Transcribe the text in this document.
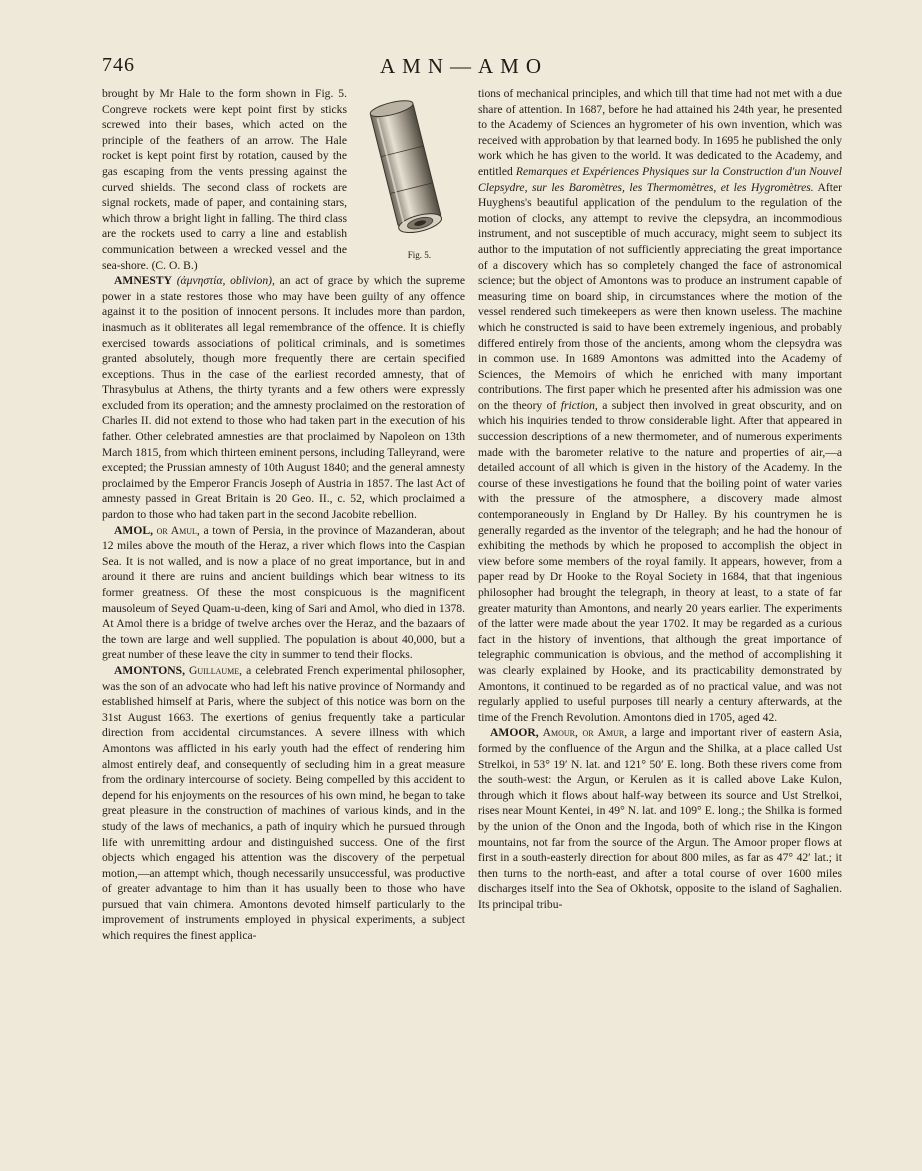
746	AMN—AMO
Fig. 5.

brought by Mr Hale to the form shown in Fig. 5. Congreve rockets were kept point first by sticks screwed into their bases, which acted on the principle of the feathers of an arrow. The Hale rocket is kept point first by rotation, caused by the gas escaping from the vents pressing against the curved shields. The second class of rockets are signal rockets, made of paper, and containing stars, which throw a bright light in falling. The third class are the rockets used to carry a line and establish communication between a wrecked vessel and the sea-shore. (C. O. B.)

AMNESTY (ἀμνηστία, oblivion), an act of grace by which the supreme power in a state restores those who may have been guilty of any offence against it to the position of innocent persons. It includes more than pardon, inasmuch as it obliterates all legal remembrance of the offence. It is chiefly exercised towards associations of political criminals, and is sometimes granted absolutely, though more frequently there are certain specified exceptions. Thus in the case of the earliest recorded amnesty, that of Thrasybulus at Athens, the thirty tyrants and a few others were expressly excluded from its operation; and the amnesty proclaimed on the restoration of Charles II. did not extend to those who had taken part in the execution of his father. Other celebrated amnesties are that proclaimed by Napoleon on 13th March 1815, from which thirteen eminent persons, including Talleyrand, were excepted; the Prussian amnesty of 10th August 1840; and the general amnesty proclaimed by the Emperor Francis Joseph of Austria in 1857. The last Act of amnesty passed in Great Britain is 20 Geo. II., c. 52, which proclaimed a pardon to those who had taken part in the second Jacobite rebellion.

AMOL, or Amul, a town of Persia, in the province of Mazanderan, about 12 miles above the mouth of the Heraz, a river which flows into the Caspian Sea. It is not walled, and is now a place of no great importance, but in and around it there are ruins and ancient buildings which bear witness to its former greatness. Of these the most conspicuous is the magnificent mausoleum of Seyed Quam-u-deen, king of Sari and Amol, who died in 1378. At Amol there is a bridge of twelve arches over the Heraz, and the bazaars of the town are large and well supplied. The population is about 40,000, but a great number of these leave the city in summer to tend their flocks.

AMONTONS, Guillaume, a celebrated French experimental philosopher, was the son of an advocate who had left his native province of Normandy and established himself at Paris, where the subject of this notice was born on the 31st August 1663. The exertions of genius frequently take a particular direction from accidental circumstances. A severe illness with which Amontons was afflicted in his early youth had the effect of rendering him almost entirely deaf, and consequently of secluding him in a great measure from the ordinary intercourse of society. Being compelled by this accident to depend for his enjoyments on the resources of his own mind, he began to take great pleasure in the construction of machines of various kinds, and in the study of the laws of mechanics, a path of inquiry which he pursued through life with unremitting ardour and distinguished success. One of the first objects which engaged his attention was the discovery of the perpetual motion,—an attempt which, though necessarily unsuccessful, was productive of greater advantage to him than it has usually been to those who have pursued that vain chimera. Amontons devoted himself particularly to the improvement of instruments employed in physical experiments, a subject which requires the finest applica-

tions of mechanical principles, and which till that time had not met with a due share of attention. In 1687, before he had attained his 24th year, he presented to the Academy of Sciences an hygrometer of his own invention, which was received with approbation by that learned body. In 1695 he published the only work which he has given to the world. It was dedicated to the Academy, and entitled Remarques et Expériences Physiques sur la Construction d'un Nouvel Clepsydre, sur les Baromètres, les Thermomètres, et les Hygromètres. After Huyghens's beautiful application of the pendulum to the regulation of the motion of clocks, any attempt to revive the clepsydra, an incommodious instrument, and not susceptible of much accuracy, might seem to subject its author to the imputation of not sufficiently appreciating the great importance of a discovery which has so completely changed the face of astronomical science; but the object of Amontons was to produce an instrument capable of measuring time on board ship, in circumstances where the motion of the vessel rendered such timekeepers as were then known useless. The machine which he constructed is said to have been extremely ingenious, and probably differed entirely from those of the ancients, among whom the clepsydra was in common use. In 1689 Amontons was admitted into the Academy of Sciences, the Memoirs of which he enriched with many important contributions. The first paper which he presented after his admission was one on the theory of friction, a subject then involved in great obscurity, and on which his inquiries tended to throw considerable light. After that appeared in succession descriptions of a new thermometer, and of numerous experiments made with the barometer relative to the nature and properties of air,—a detailed account of all which is given in the history of the Academy. In the course of these investigations he found that the boiling point of water varies with the pressure of the atmosphere, a discovery made almost contemporaneously in England by Dr Halley. By his countrymen he is generally regarded as the inventor of the telegraph; and he had the honour of exhibiting the methods by which he proposed to accomplish the object in view before some members of the royal family. It appears, however, from a paper read by Dr Hooke to the Royal Society in 1684, that that ingenious philosopher had brought the telegraph, in theory at least, to a state of far greater maturity than Amontons, and nearly 20 years earlier. The experiments of the latter were made about the year 1702. It may be regarded as a curious fact in the history of inventions, that although the great importance of telegraphic communication is obvious, and the method of accomplishing it was clearly explained by Hooke, and its practicability demonstrated by Amontons, it continued to be regarded as of no practical value, and was not regularly applied to useful purposes till nearly a century afterwards, at the time of the French Revolution. Amontons died in 1705, aged 42.

AMOOR, Amour, or Amur, a large and important river of eastern Asia, formed by the confluence of the Argun and the Shilka, at a place called Ust Strelkoi, in 53° 19′ N. lat. and 121° 50′ E. long. Both these rivers come from the south-west: the Argun, or Kerulen as it is called above Lake Kulon, through which it flows about half-way between its source and Ust Strelkoi, rises near Mount Kentei, in 49° N. lat. and 109° E. long.; the Shilka is formed by the union of the Onon and the Ingoda, both of which rise in the Kingon mountains, not far from the source of the Argun. The Amoor proper flows at first in a south-easterly direction for about 800 miles, as far as 47° 42′ lat.; it then turns to the north-east, and after a total course of over 1600 miles discharges itself into the Sea of Okhotsk, opposite to the island of Saghalien. Its principal tribu-
